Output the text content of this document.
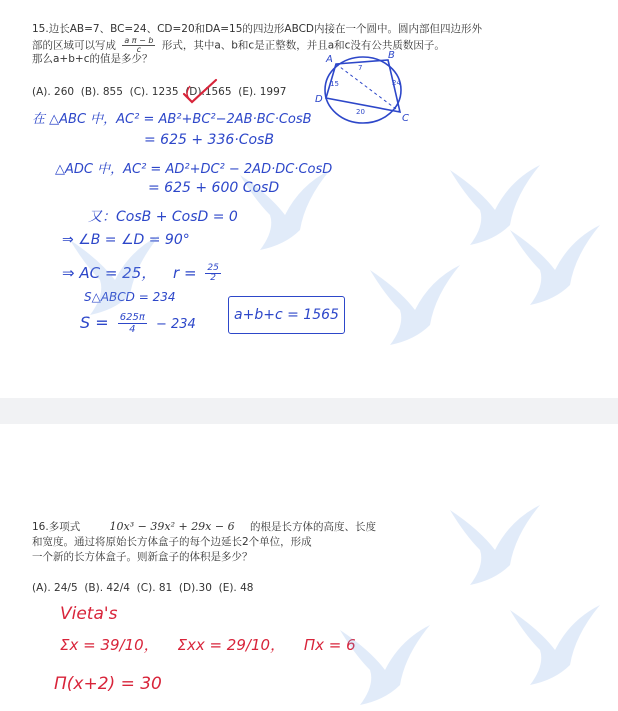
15.边长AB=7、BC=24、CD=20和DA=15的四边形ABCD内接在一个圆中。圆内部但四边形外
部的区域可以写成 $\frac{\text{a π − b}}{c}$ 形式，其中a、b和c是正整数，并且a和c没有公共质数因子。
那么a+b+c的值是多少？
(A). 260 (B). 855 (C). 1235 (D).1565 (E). 1997
A	B
C
D
7
24
20
15
在 △ABC 中，AC² = AB²+BC²−2AB·BC·CosB
= 625 + 336·CosB
△ADC 中，AC² = AD²+DC² − 2AD·DC·CosD
= 625 + 600 CosD
又：CosB + CosD = 0
⇒ ∠B = ∠D = 90°
⇒ AC = 25， $r = \frac{25}{2}$
S△ABCD = 234
$S = \frac{625\pi}{4} - 234$
a+b+c = 1565
16.多项式	10x³ − 39x² + 29x − 6 的根是长方体的高度、长度
和宽度。通过将原始长方体盒子的每个边延长2个单位，形成
一个新的长方体盒子。则新盒子的体积是多少？
(A). 24/5 (B). 42/4 (C). 81 (D).30 (E). 48
Vieta's
Σx = 39/10， Σxx = 29/10， Πx = 6
Π(x+2) = 30
